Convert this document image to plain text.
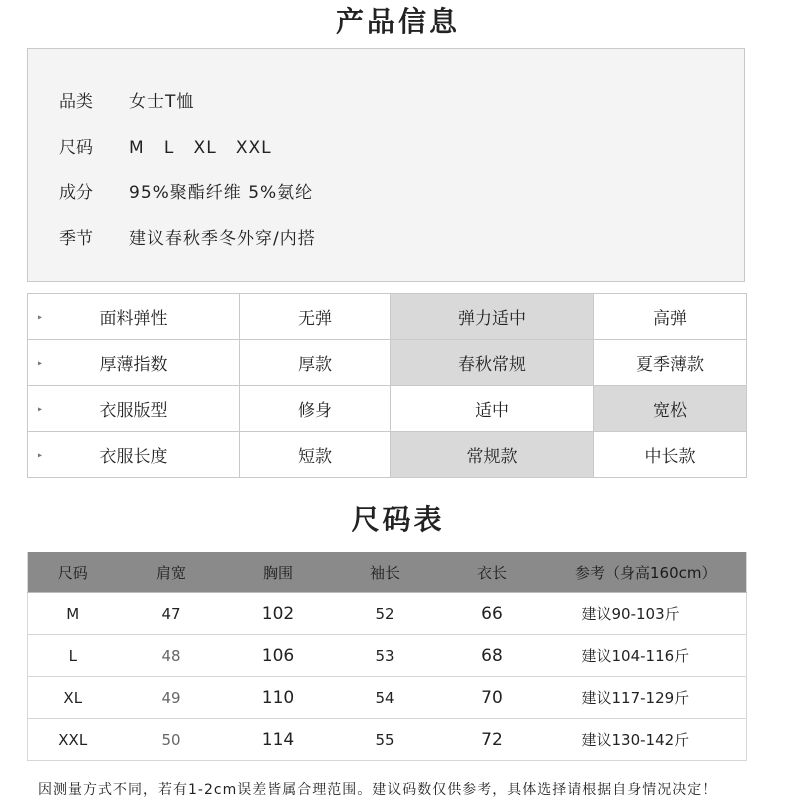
产品信息
品类 女士T恤
尺码 M   L   XL   XXL
成分 95%聚酯纤维 5%氨纶
季节 建议春秋季冬外穿/内搭
▸ 面料弹性	无弹	弹力适中	高弹

▸ 厚薄指数	厚款	春秋常规	夏季薄款

▸ 衣服版型	修身	适中	宽松

▸ 衣服长度	短款	常规款	中长款
尺码表
尺码	肩宽	胸围	袖长	衣长	参考（身高160cm）
M	47	102	52	66	建议90-103斤
L	48	106	53	68	建议104-116斤
XL	49	110	54	70	建议117-129斤
XXL	50	114	55	72	建议130-142斤
因测量方式不同，若有1-2cm误差皆属合理范围。建议码数仅供参考，具体选择请根据自身情况决定！
